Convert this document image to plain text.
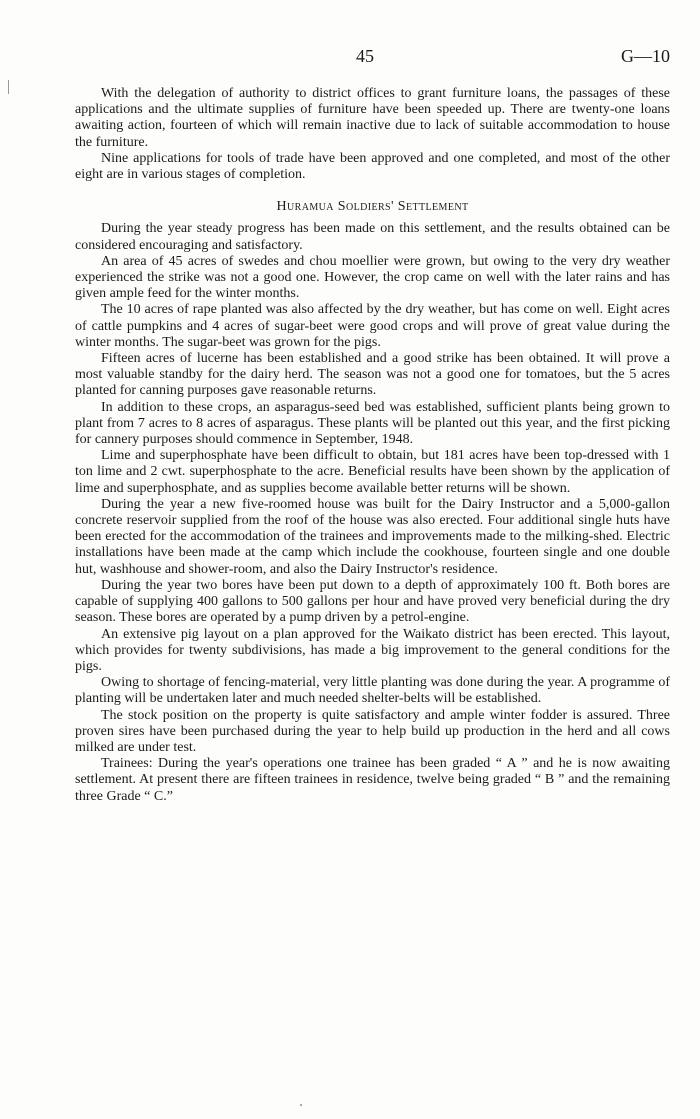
45	G—10

With the delegation of authority to district offices to grant furniture loans, the passages of these applications and the ultimate supplies of furniture have been speeded up. There are twenty-one loans awaiting action, fourteen of which will remain inactive due to lack of suitable accommodation to house the furniture.

Nine applications for tools of trade have been approved and one completed, and most of the other eight are in various stages of completion.

Huramua Soldiers' Settlement

During the year steady progress has been made on this settlement, and the results obtained can be considered encouraging and satisfactory.

An area of 45 acres of swedes and chou moellier were grown, but owing to the very dry weather experienced the strike was not a good one. However, the crop came on well with the later rains and has given ample feed for the winter months.

The 10 acres of rape planted was also affected by the dry weather, but has come on well. Eight acres of cattle pumpkins and 4 acres of sugar-beet were good crops and will prove of great value during the winter months. The sugar-beet was grown for the pigs.

Fifteen acres of lucerne has been established and a good strike has been obtained. It will prove a most valuable standby for the dairy herd. The season was not a good one for tomatoes, but the 5 acres planted for canning purposes gave reasonable returns.

In addition to these crops, an asparagus-seed bed was established, sufficient plants being grown to plant from 7 acres to 8 acres of asparagus. These plants will be planted out this year, and the first picking for cannery purposes should commence in September, 1948.

Lime and superphosphate have been difficult to obtain, but 181 acres have been top-dressed with 1 ton lime and 2 cwt. superphosphate to the acre. Beneficial results have been shown by the application of lime and superphosphate, and as supplies become available better returns will be shown.

During the year a new five-roomed house was built for the Dairy Instructor and a 5,000-gallon concrete reservoir supplied from the roof of the house was also erected. Four additional single huts have been erected for the accommodation of the trainees and improvements made to the milking-shed. Electric installations have been made at the camp which include the cookhouse, fourteen single and one double hut, washhouse and shower-room, and also the Dairy Instructor's residence.

During the year two bores have been put down to a depth of approximately 100 ft. Both bores are capable of supplying 400 gallons to 500 gallons per hour and have proved very beneficial during the dry season. These bores are operated by a pump driven by a petrol-engine.

An extensive pig layout on a plan approved for the Waikato district has been erected. This layout, which provides for twenty subdivisions, has made a big improvement to the general conditions for the pigs.

Owing to shortage of fencing-material, very little planting was done during the year. A programme of planting will be undertaken later and much needed shelter-belts will be established.

The stock position on the property is quite satisfactory and ample winter fodder is assured. Three proven sires have been purchased during the year to help build up production in the herd and all cows milked are under test.

Trainees: During the year's operations one trainee has been graded “ A ” and he is now awaiting settlement. At present there are fifteen trainees in residence, twelve being graded “ B ” and the remaining three Grade “ C.”
